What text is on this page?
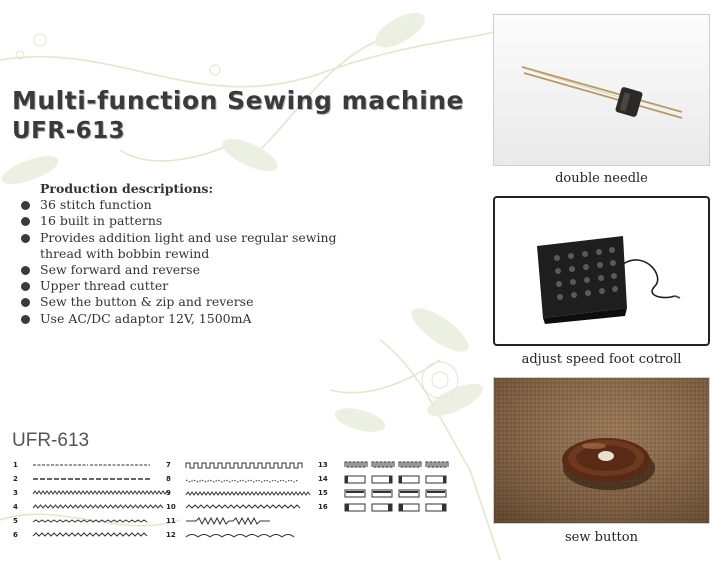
Multi-function Sewing machine
UFR-613
Production descriptions:
36 stitch function
16 built in patterns
Provides addition light and use regular sewing thread with bobbin rewind
Sew forward and reverse
Upper thread cutter
Sew the button & zip and reverse
Use AC/DC adaptor 12V, 1500mA
UFR-613
1
2
3
4
5
6
7
8
9
10
11
12
13
14
15
16
double needle
adjust speed foot cotroll
sew button
